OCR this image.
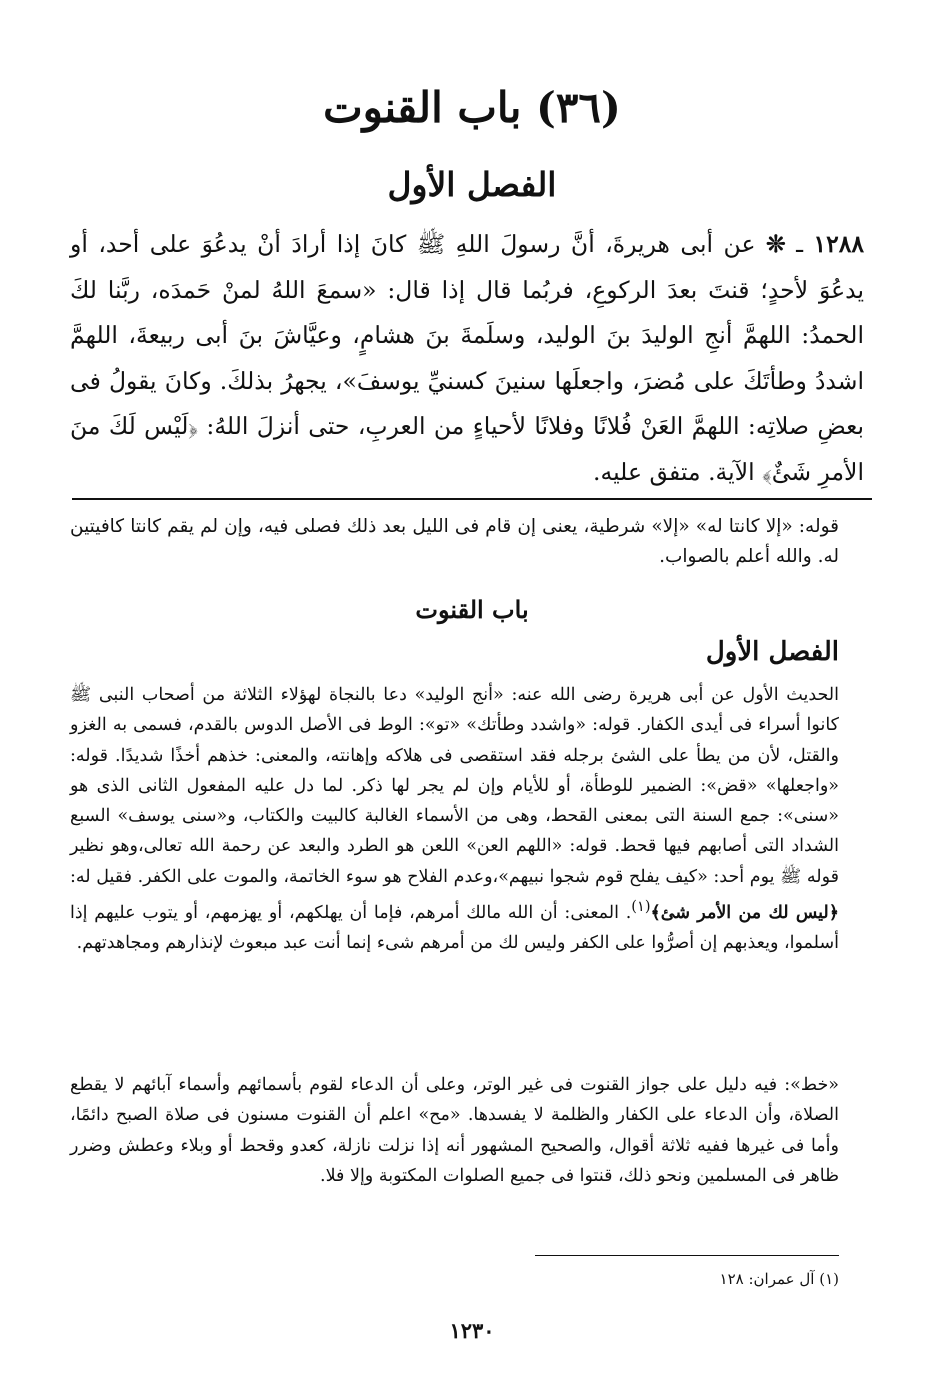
(٣٦) باب القنوت
الفصل الأول
١٢٨٨ ـ ❊ عن أبى هريرةَ، أنَّ رسولَ اللهِ ﷺ كانَ إذا أرادَ أنْ يدعُوَ على أحد، أو يدعُوَ لأحدٍ؛ قنتَ بعدَ الركوعِ، فربُما قال إذا قال: «سمعَ اللهُ لمنْ حَمدَه، ربَّنا لكَ الحمدُ: اللهمَّ أنجِ الوليدَ بنَ الوليد، وسلَمةَ بنَ هشامٍ، وعيَّاشَ بنَ أبى ربيعةَ، اللهمَّ اشددُ وطأتَكَ على مُضرَ، واجعلَها سنينَ كسنيِّ يوسفَ»، يجهرُ بذلكَ. وكانَ يقولُ فى بعضِ صلاتِه: اللهمَّ العَنْ فُلانًا وفلانًا لأحياءٍ من العربِ، حتى أنزلَ اللهُ: ﴿لَيْس لَكَ منَ الأمرِ شَئٌ﴾ الآية. متفق عليه.
قوله: «إلا كانتا له» «إلا» شرطية، يعنى إن قام فى الليل بعد ذلك فصلى فيه، وإن لم يقم كانتا كافيتين له. والله أعلم بالصواب.
باب القنوت
الفصل الأول
الحديث الأول عن أبى هريرة رضى الله عنه: «أنج الوليد» دعا بالنجاة لهؤلاء الثلاثة من أصحاب النبى ﷺ كانوا أسراء فى أيدى الكفار. قوله: «واشدد وطأتك» «تو»: الوط فى الأصل الدوس بالقدم، فسمى به الغزو والقتل، لأن من يطأ على الشئ برجله فقد استقصى فى هلاكه وإهانته، والمعنى: خذهم أخذًا شديدًا. قوله: «واجعلها» «قض»: الضمير للوطأة، أو للأيام وإن لم يجر لها ذكر. لما دل عليه المفعول الثانى الذى هو «سنى»: جمع السنة التى بمعنى القحط، وهى من الأسماء الغالبة كالبيت والكتاب، و«سنى يوسف» السبع الشداد التى أصابهم فيها قحط. قوله: «اللهم العن» اللعن هو الطرد والبعد عن رحمة الله تعالى،وهو نظير قوله ﷺ يوم أحد: «كيف يفلح قوم شجوا نبيهم»،وعدم الفلاح هو سوء الخاتمة، والموت على الكفر. فقيل له: ﴿ليس لك من الأمر شئ﴾$^{(١)}$. المعنى: أن الله مالك أمرهم، فإما أن يهلكهم، أو يهزمهم، أو يتوب عليهم إذا أسلموا، ويعذبهم إن أصرُّوا على الكفر وليس لك من أمرهم شىء إنما أنت عبد مبعوث لإنذارهم ومجاهدتهم.
«خط»: فيه دليل على جواز القنوت فى غير الوتر، وعلى أن الدعاء لقوم بأسمائهم وأسماء آبائهم لا يقطع الصلاة، وأن الدعاء على الكفار والظلمة لا يفسدها. «مح» اعلم أن القنوت مسنون فى صلاة الصبح دائمًا، وأما فى غيرها ففيه ثلاثة أقوال، والصحيح المشهور أنه إذا نزلت نازلة، كعدو وقحط أو وبلاء وعطش وضرر ظاهر فى المسلمين ونحو ذلك، قنتوا فى جميع الصلوات المكتوبة وإلا فلا.
(١) آل عمران: ١٢٨
١٢٣٠
